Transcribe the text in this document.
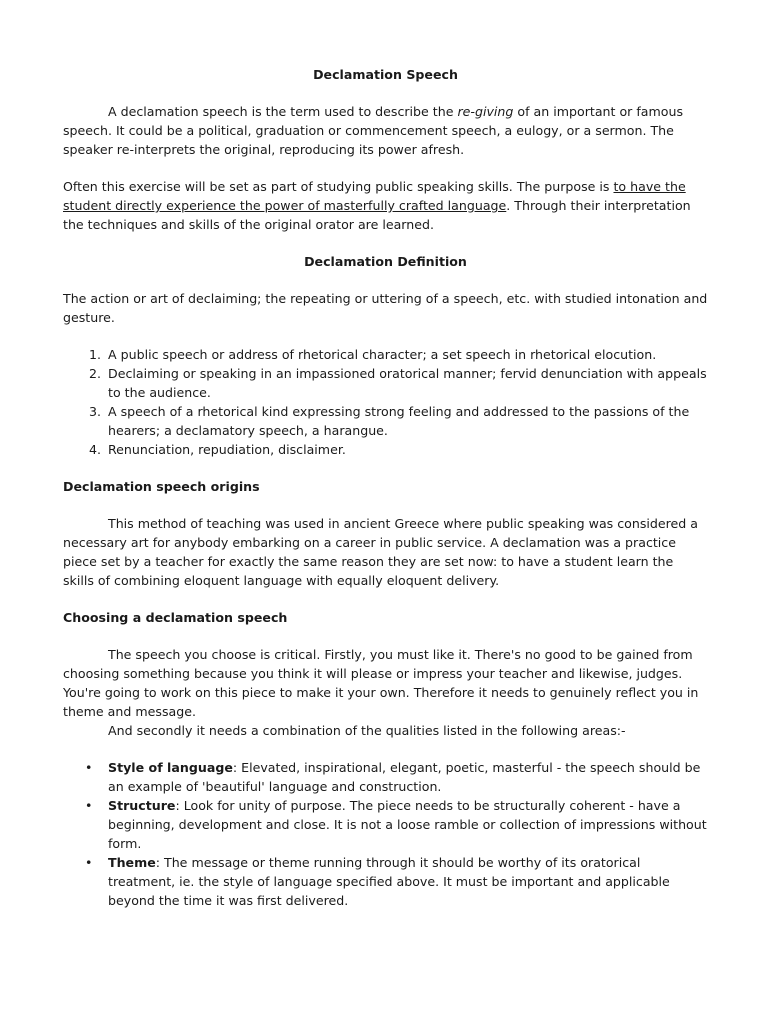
Declamation Speech

A declamation speech is the term used to describe the re-giving of an important or famous speech. It could be a political, graduation or commencement speech, a eulogy, or a sermon. The speaker re-interprets the original, reproducing its power afresh.

Often this exercise will be set as part of studying public speaking skills. The purpose is to have the student directly experience the power of masterfully crafted language. Through their interpretation the techniques and skills of the original orator are learned.

Declamation Definition

The action or art of declaiming; the repeating or uttering of a speech, etc. with studied intonation and gesture.

1. A public speech or address of rhetorical character; a set speech in rhetorical elocution.
2. Declaiming or speaking in an impassioned oratorical manner; fervid denunciation with appeals to the audience.
3. A speech of a rhetorical kind expressing strong feeling and addressed to the passions of the hearers; a declamatory speech, a harangue.
4. Renunciation, repudiation, disclaimer.
Declamation speech origins

This method of teaching was used in ancient Greece where public speaking was considered a necessary art for anybody embarking on a career in public service. A declamation was a practice piece set by a teacher for exactly the same reason they are set now: to have a student learn the skills of combining eloquent language with equally eloquent delivery.

Choosing a declamation speech

The speech you choose is critical. Firstly, you must like it. There's no good to be gained from choosing something because you think it will please or impress your teacher and likewise, judges. You're going to work on this piece to make it your own. Therefore it needs to genuinely reflect you in theme and message.

And secondly it needs a combination of the qualities listed in the following areas:-

• Style of language: Elevated, inspirational, elegant, poetic, masterful - the speech should be an example of 'beautiful' language and construction.
• Structure: Look for unity of purpose. The piece needs to be structurally coherent - have a beginning, development and close. It is not a loose ramble or collection of impressions without form.
• Theme: The message or theme running through it should be worthy of its oratorical treatment, ie. the style of language specified above. It must be important and applicable beyond the time it was first delivered.
